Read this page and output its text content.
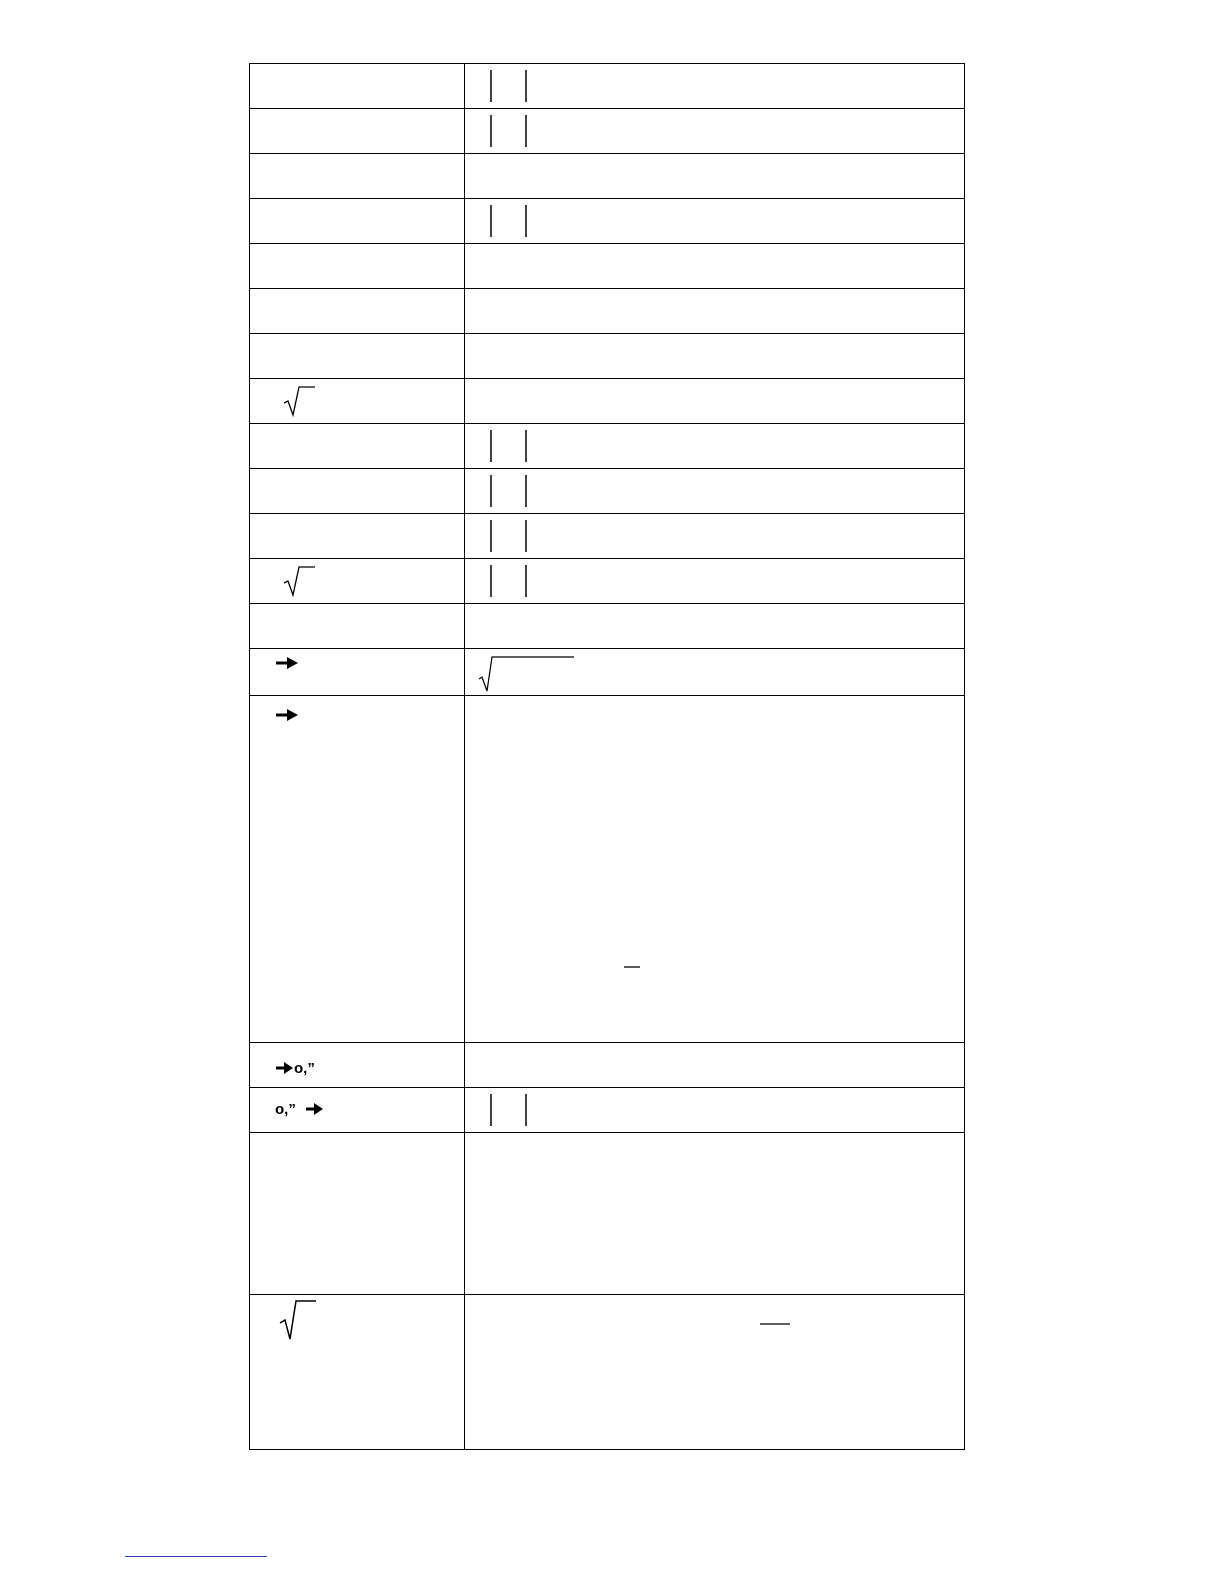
o,”
o,”
